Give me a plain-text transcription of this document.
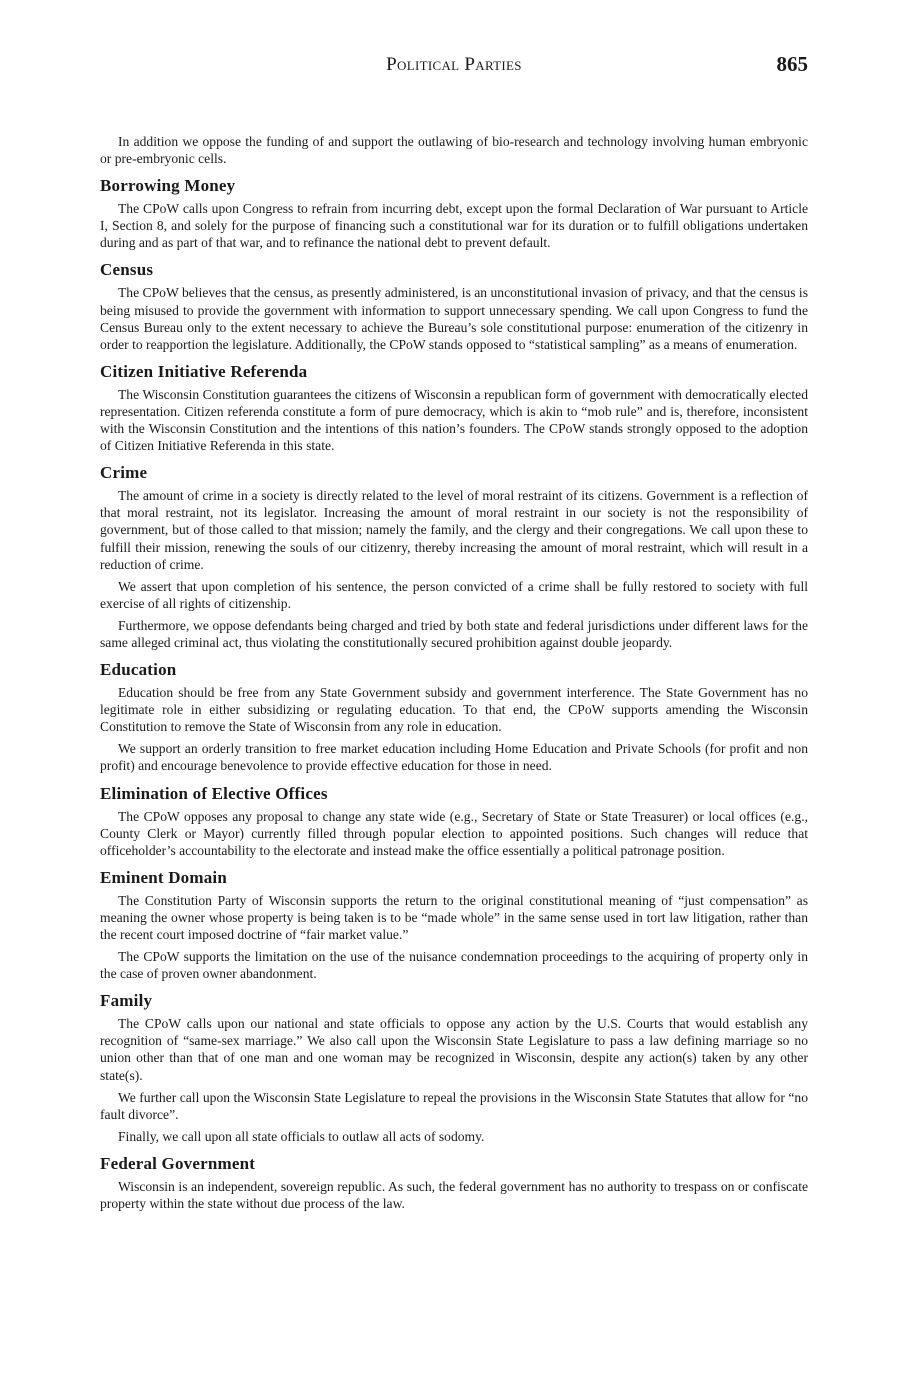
Political Parties	865

In addition we oppose the funding of and support the outlawing of bio-research and technology involving human embryonic or pre-embryonic cells.

Borrowing Money

The CPoW calls upon Congress to refrain from incurring debt, except upon the formal Declaration of War pursuant to Article I, Section 8, and solely for the purpose of financing such a constitutional war for its duration or to fulfill obligations undertaken during and as part of that war, and to refinance the national debt to prevent default.

Census

The CPoW believes that the census, as presently administered, is an unconstitutional invasion of privacy, and that the census is being misused to provide the government with information to support unnecessary spending. We call upon Congress to fund the Census Bureau only to the extent necessary to achieve the Bureau’s sole constitutional purpose: enumeration of the citizenry in order to reapportion the legislature. Additionally, the CPoW stands opposed to “statistical sampling” as a means of enumeration.

Citizen Initiative Referenda

The Wisconsin Constitution guarantees the citizens of Wisconsin a republican form of government with democratically elected representation. Citizen referenda constitute a form of pure democracy, which is akin to “mob rule” and is, therefore, inconsistent with the Wisconsin Constitution and the intentions of this nation’s founders. The CPoW stands strongly opposed to the adoption of Citizen Initiative Referenda in this state.

Crime

The amount of crime in a society is directly related to the level of moral restraint of its citizens. Government is a reflection of that moral restraint, not its legislator. Increasing the amount of moral restraint in our society is not the responsibility of government, but of those called to that mission; namely the family, and the clergy and their congregations. We call upon these to fulfill their mission, renewing the souls of our citizenry, thereby increasing the amount of moral restraint, which will result in a reduction of crime.

We assert that upon completion of his sentence, the person convicted of a crime shall be fully restored to society with full exercise of all rights of citizenship.

Furthermore, we oppose defendants being charged and tried by both state and federal jurisdictions under different laws for the same alleged criminal act, thus violating the constitutionally secured prohibition against double jeopardy.

Education

Education should be free from any State Government subsidy and government interference. The State Government has no legitimate role in either subsidizing or regulating education. To that end, the CPoW supports amending the Wisconsin Constitution to remove the State of Wisconsin from any role in education.

We support an orderly transition to free market education including Home Education and Private Schools (for profit and non profit) and encourage benevolence to provide effective education for those in need.

Elimination of Elective Offices

The CPoW opposes any proposal to change any state wide (e.g., Secretary of State or State Treasurer) or local offices (e.g., County Clerk or Mayor) currently filled through popular election to appointed positions. Such changes will reduce that officeholder’s accountability to the electorate and instead make the office essentially a political patronage position.

Eminent Domain

The Constitution Party of Wisconsin supports the return to the original constitutional meaning of “just compensation” as meaning the owner whose property is being taken is to be “made whole” in the same sense used in tort law litigation, rather than the recent court imposed doctrine of “fair market value.”

The CPoW supports the limitation on the use of the nuisance condemnation proceedings to the acquiring of property only in the case of proven owner abandonment.

Family

The CPoW calls upon our national and state officials to oppose any action by the U.S. Courts that would establish any recognition of “same-sex marriage.” We also call upon the Wisconsin State Legislature to pass a law defining marriage so no union other than that of one man and one woman may be recognized in Wisconsin, despite any action(s) taken by any other state(s).

We further call upon the Wisconsin State Legislature to repeal the provisions in the Wisconsin State Statutes that allow for “no fault divorce”.

Finally, we call upon all state officials to outlaw all acts of sodomy.

Federal Government

Wisconsin is an independent, sovereign republic. As such, the federal government has no authority to trespass on or confiscate property within the state without due process of the law.
